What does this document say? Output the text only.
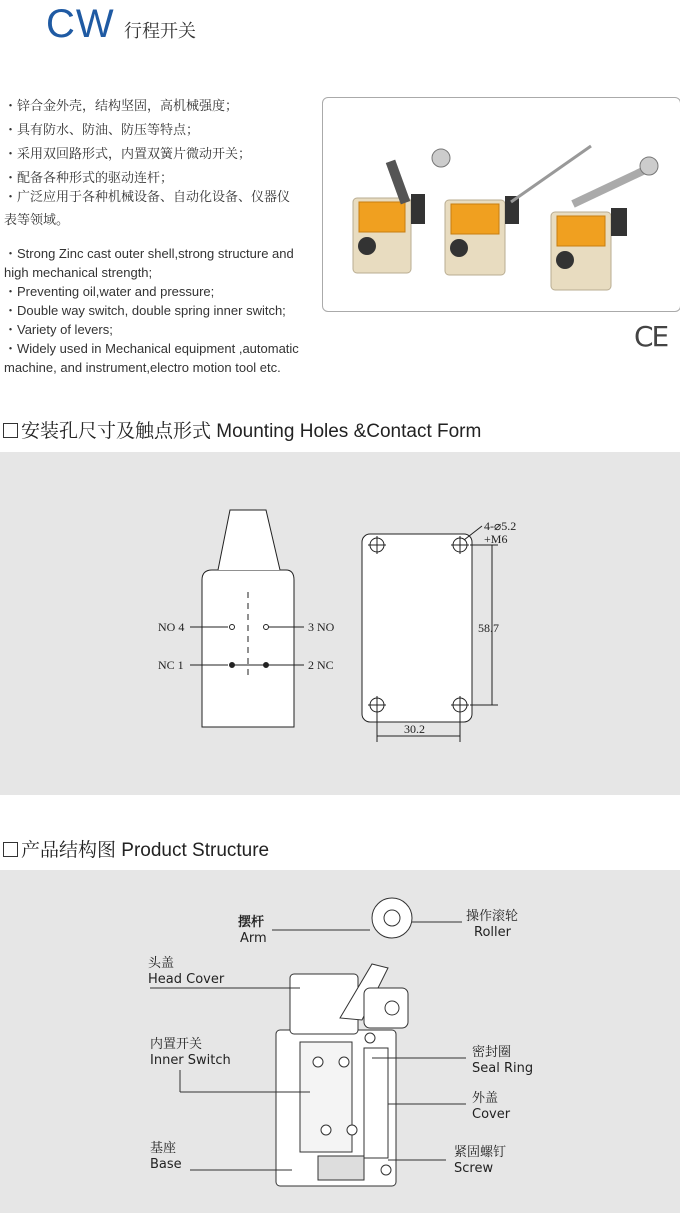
CW 行程开关
・锌合金外壳，结构坚固，高机械强度；
・具有防水、防油、防压等特点；
・采用双回路形式，内置双簧片微动开关；
・配备各种形式的驱动连杆；
・广泛应用于各种机械设备、自动化设备、仪器仪
表等领域。
・Strong Zinc cast outer shell,strong structure and
high mechanical strength;
・Preventing oil,water and pressure;
・Double way switch, double spring inner switch;
・Variety of levers;
・Widely used in Mechanical equipment ,automatic
machine, and instrument,electro motion tool etc.
CE
安装孔尺寸及触点形式 Mounting Holes &Contact Form
NO 4	3 NO
NC 1	2 NC
4-⌀5.2
+M6
58.7
30.2
产品结构图 Product Structure
摆杆
Arm
头盖
Head Cover
内置开关
Inner Switch
基座
Base
操作滚轮
Roller
密封圈
Seal Ring
外盖
Cover
紧固螺钉
Screw
